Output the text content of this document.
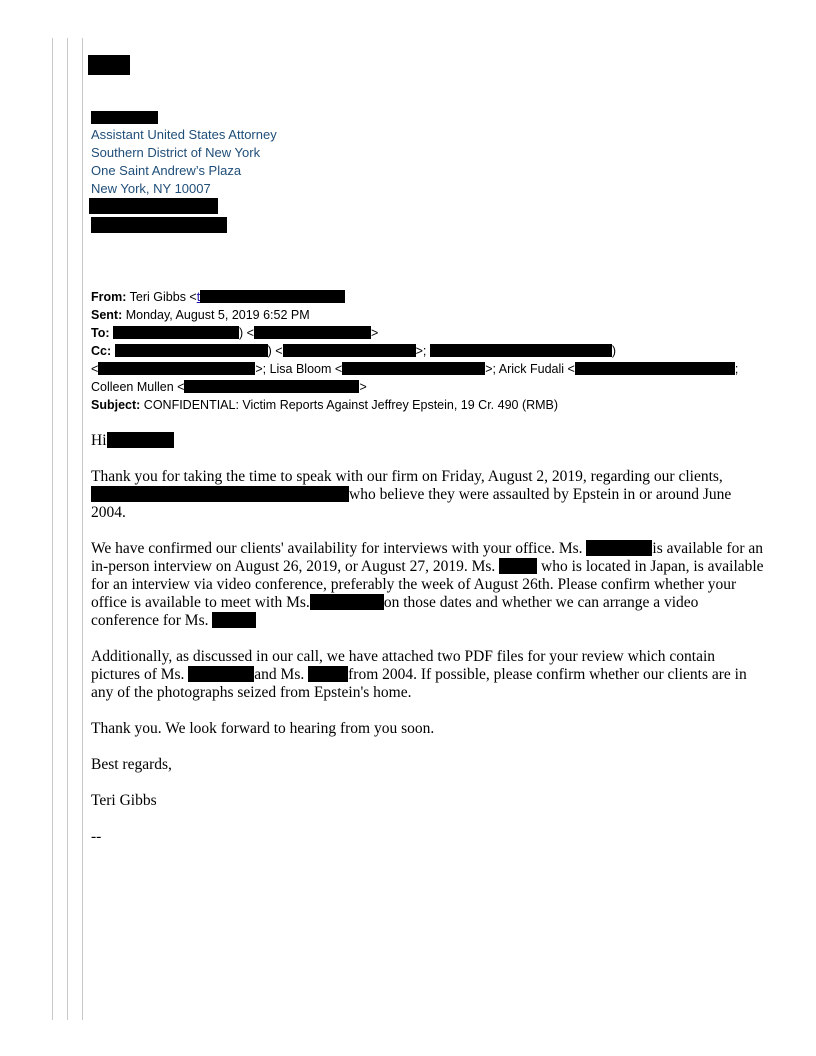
Assistant United States Attorney
Southern District of New York
One Saint Andrew’s Plaza
New York, NY 10007
From: Teri Gibbs <t
Sent: Monday, August 5, 2019 6:52 PM
To:	) <	>
Cc:	) <	>;	)
<	>; Lisa Bloom <	>; Arick Fudali <	;
Colleen Mullen <	>
Subject: CONFIDENTIAL: Victim Reports Against Jeffrey Epstein, 19 Cr. 490 (RMB)

Hi

Thank you for taking the time to speak with our firm on Friday, August 2, 2019, regarding our clients, who believe they were assaulted by Epstein in or around June 2004.

We have confirmed our clients' availability for interviews with your office. Ms.	is available for an in-person interview on August 26, 2019, or August 27, 2019. Ms.	who is located in Japan, is available for an interview via video conference, preferably the week of August 26th. Please confirm whether your office is available to meet with Ms.	on those dates and whether we can arrange a video conference for Ms.

Additionally, as discussed in our call, we have attached two PDF files for your review which contain pictures of Ms.	and Ms.	from 2004. If possible, please confirm whether our clients are in any of the photographs seized from Epstein's home.

Thank you. We look forward to hearing from you soon.

Best regards,

Teri Gibbs

--
